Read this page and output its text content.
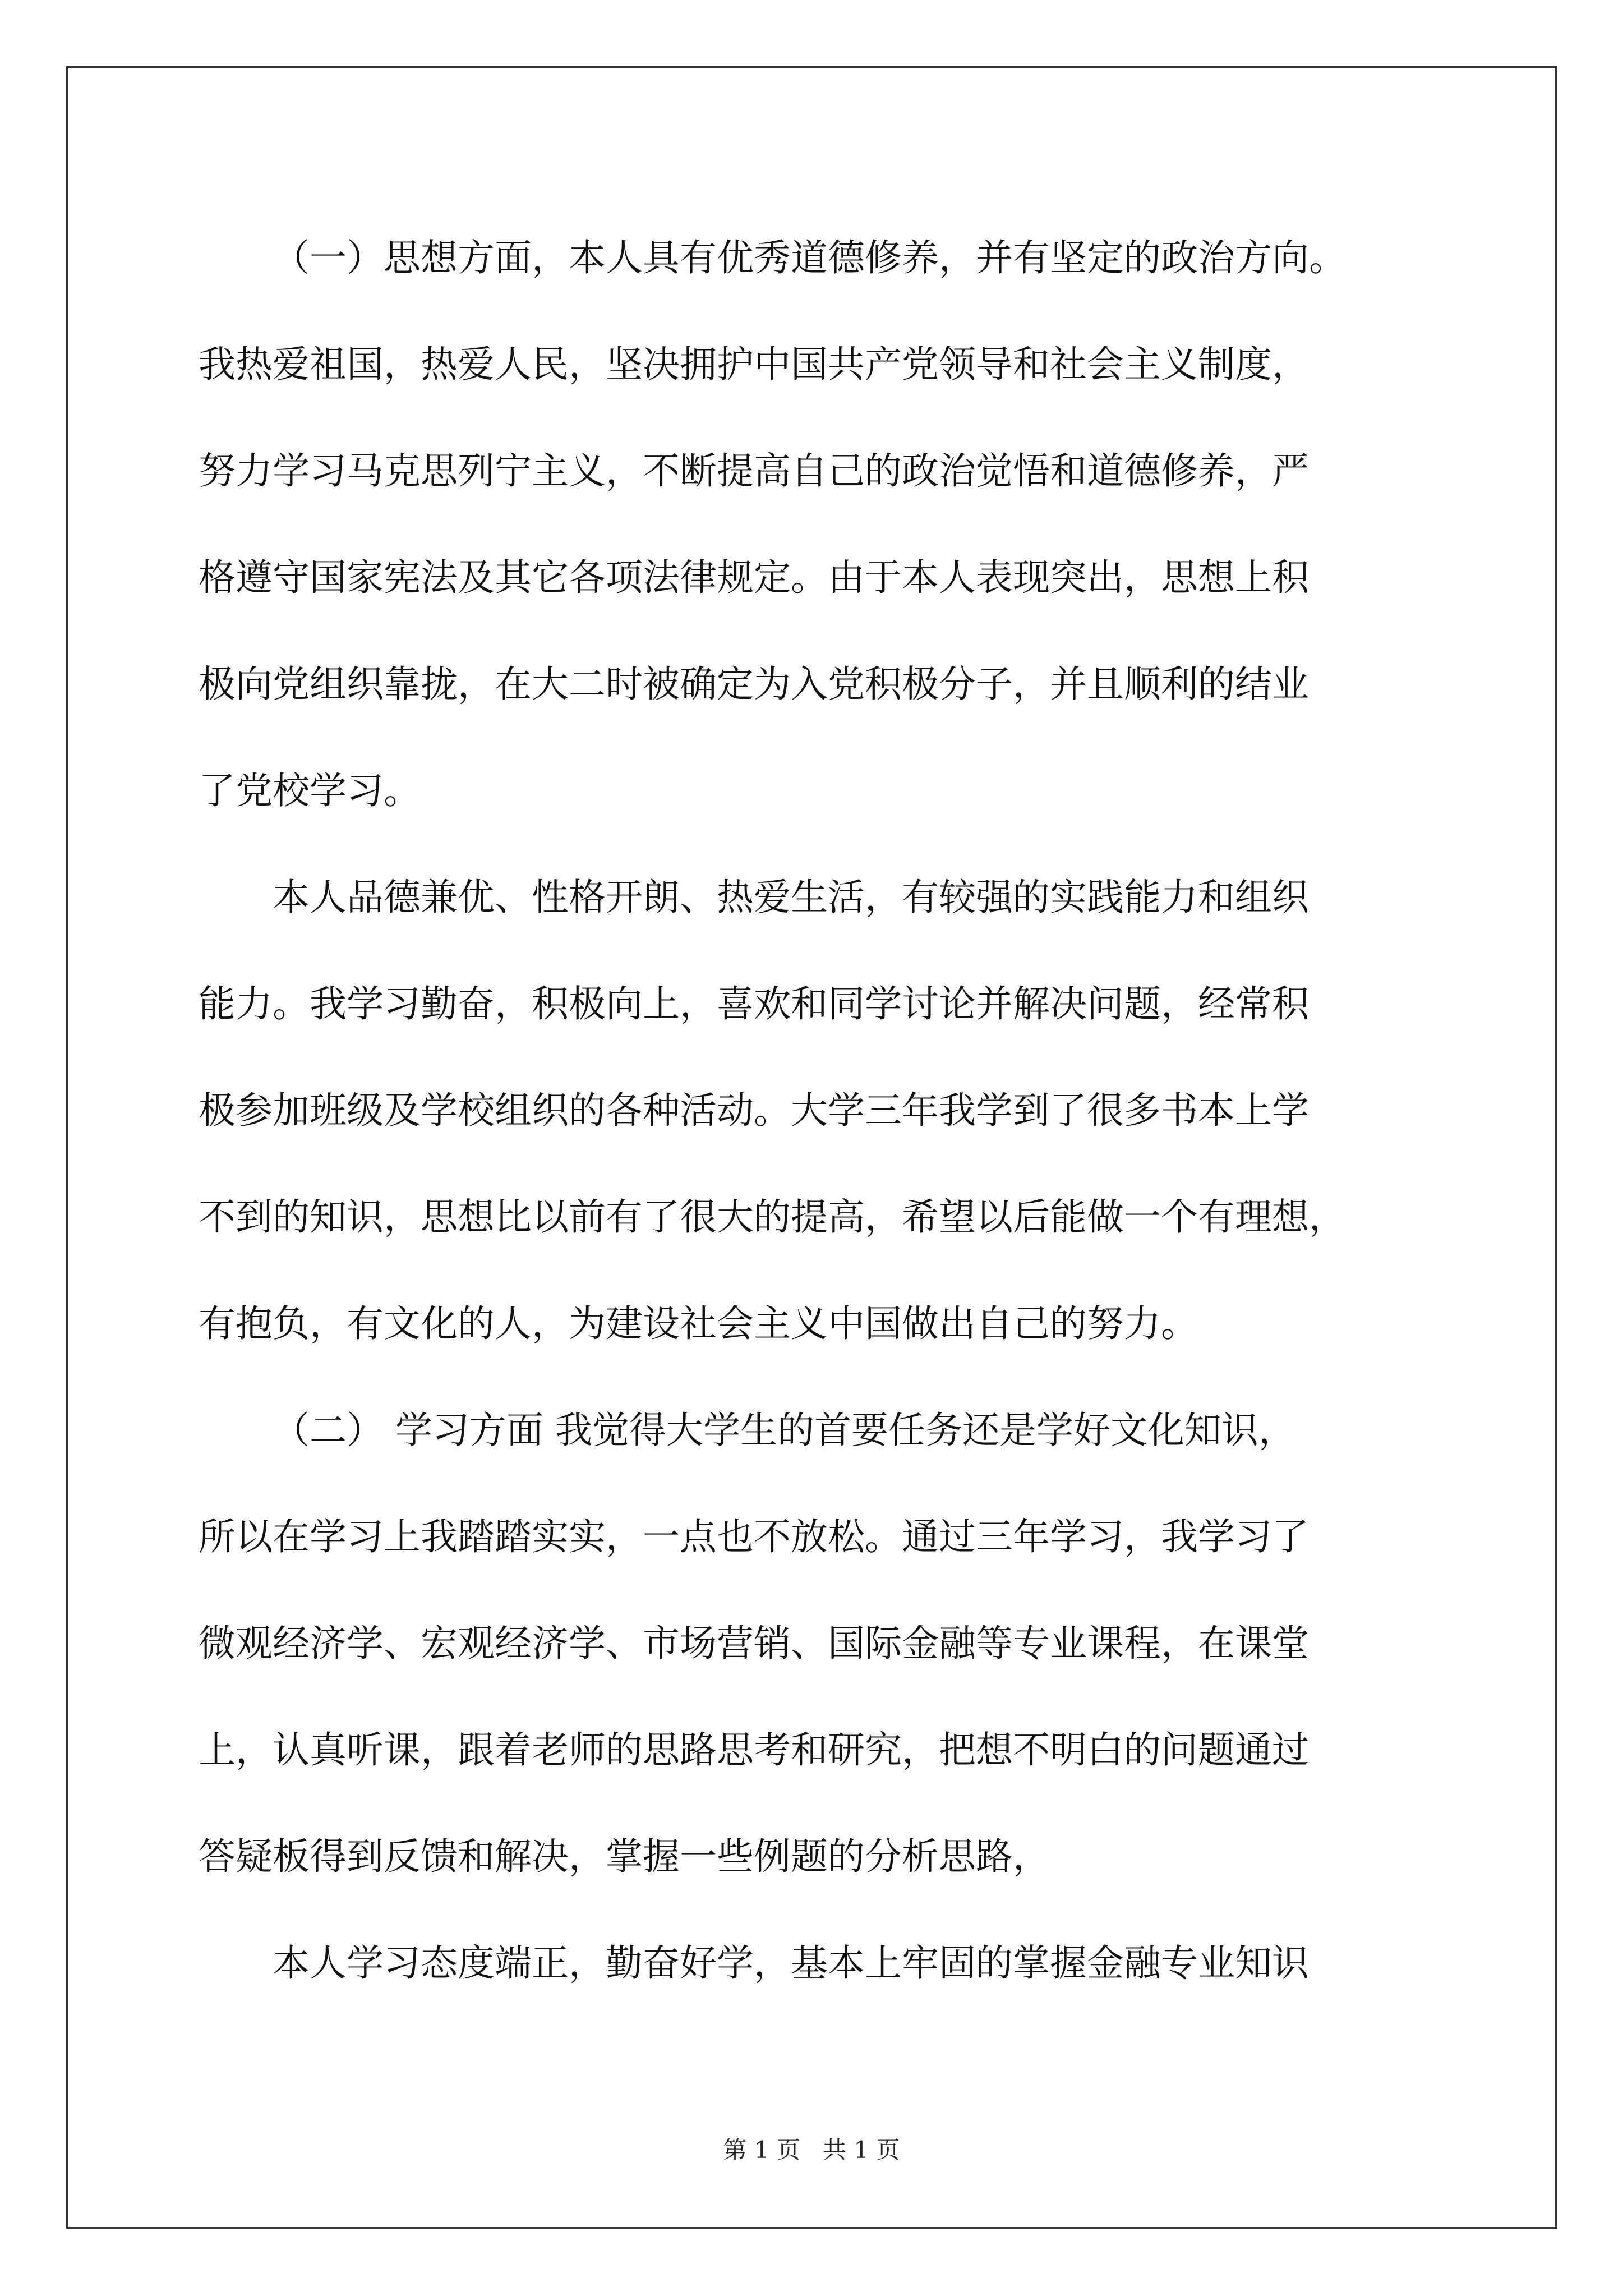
（一）思想方面，本人具有优秀道德修养，并有坚定的政治方向。
我热爱祖国，热爱人民，坚决拥护中国共产党领导和社会主义制度，
努力学习马克思列宁主义，不断提高自己的政治觉悟和道德修养，严
格遵守国家宪法及其它各项法律规定。由于本人表现突出，思想上积
极向党组织靠拢，在大二时被确定为入党积极分子，并且顺利的结业
了党校学习。
本人品德兼优、性格开朗、热爱生活，有较强的实践能力和组织
能力。我学习勤奋，积极向上，喜欢和同学讨论并解决问题，经常积
极参加班级及学校组织的各种活动。大学三年我学到了很多书本上学
不到的知识，思想比以前有了很大的提高，希望以后能做一个有理想，
有抱负，有文化的人，为建设社会主义中国做出自己的努力。
（二） 学习方面 我觉得大学生的首要任务还是学好文化知识，
所以在学习上我踏踏实实，一点也不放松。通过三年学习，我学习了
微观经济学、宏观经济学、市场营销、国际金融等专业课程，在课堂
上，认真听课，跟着老师的思路思考和研究，把想不明白的问题通过
答疑板得到反馈和解决，掌握一些例题的分析思路，
本人学习态度端正，勤奋好学，基本上牢固的掌握金融专业知识
第 1 页   共 1 页
